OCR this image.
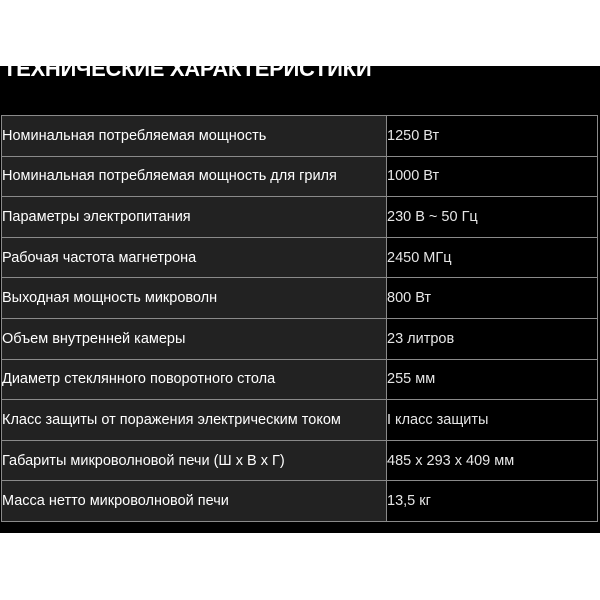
ТЕХНИЧЕСКИЕ ХАРАКТЕРИСТИКИ
Номинальная потребляемая мощность	1250 Вт
Номинальная потребляемая мощность для гриля	1000 Вт
Параметры электропитания	230 В ~ 50 Гц
Рабочая частота магнетрона	2450 МГц
Выходная мощность микроволн	800 Вт
Объем внутренней камеры	23 литров
Диаметр стеклянного поворотного стола	255 мм
Класс защиты от поражения электрическим током	I класс защиты
Габариты микроволновой печи (Ш x В x Г)	485 x 293 x 409 мм
Масса нетто микроволновой печи	13,5 кг
